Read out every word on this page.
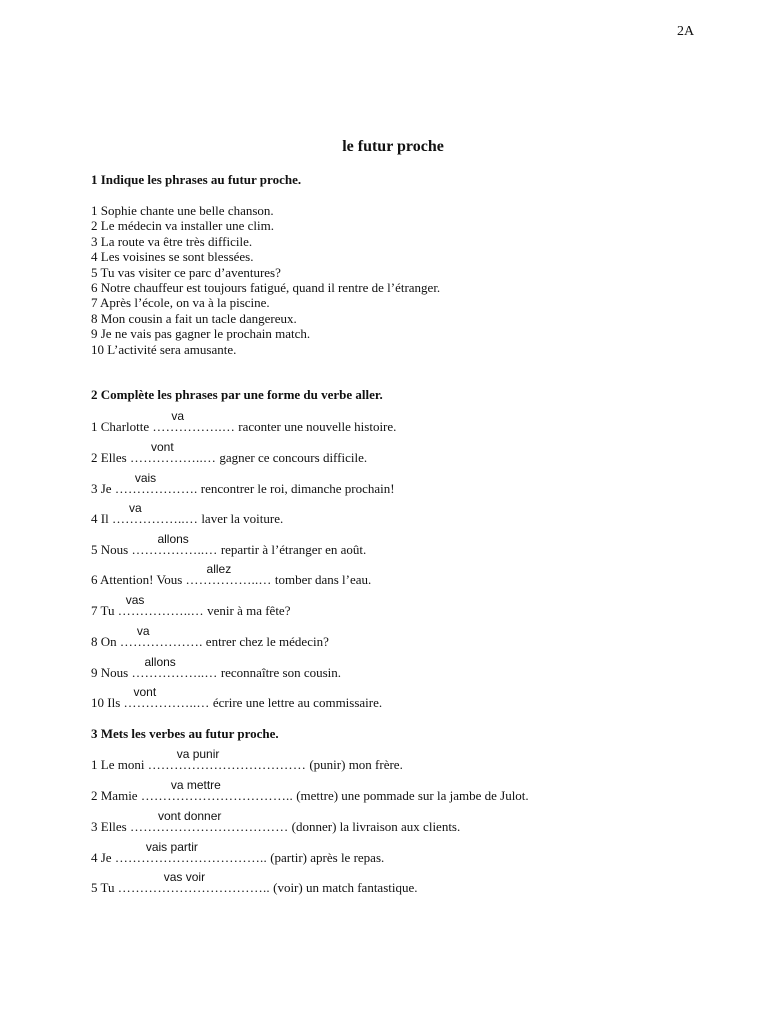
2A
le futur proche
1 Indique les phrases au futur proche.
1 Sophie chante une belle chanson.
2 Le médecin va installer une clim.
3 La route va être très difficile.
4 Les voisines se sont blessées.
5 Tu vas visiter ce parc d’aventures?
6 Notre chauffeur est toujours fatigué, quand il rentre de l’étranger.
7 Après l’école, on va à la piscine.
8 Mon cousin a fait un tacle dangereux.
9 Je ne vais pas gagner le prochain match.
10 L’activité sera amusante.
2 Complète les phrases par une forme du verbe aller.
1 Charlotte …………….…
va
raconter une nouvelle histoire.
2 Elles ……………..…
vont
gagner ce concours difficile.
3 Je ……………….
vais
rencontrer le roi, dimanche prochain!
4 Il ……………..…
va
laver la voiture.
5 Nous ……………..…
allons
repartir à l’étranger en août.
6 Attention! Vous ……………..…
allez
tomber dans l’eau.
7 Tu ……………..…
vas
venir à ma fête?
8 On ……………….
va
entrer chez le médecin?
9 Nous ……………..…
allons
reconnaître son cousin.
10 Ils ……………..…
vont
écrire une lettre au commissaire.
3 Mets les verbes au futur proche.
1 Le moni ………………………………
va punir
(punir) mon frère.
2 Mamie ……………………………..
va mettre
(mettre) une pommade sur la jambe de Julot.
3 Elles ………………………………
vont donner
(donner) la livraison aux clients.
4 Je ……………………………..
vais partir
(partir) après le repas.
5 Tu ……………………………..
vas voir
(voir) un match fantastique.
